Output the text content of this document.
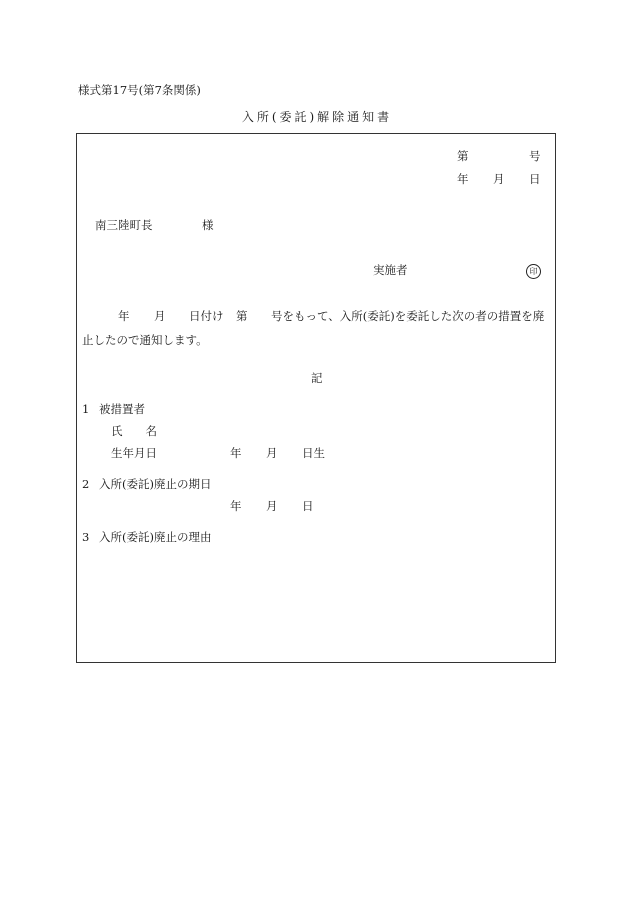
様式第17号(第7条関係)
入所(委託)解除通知書
第	号
年 月 日
南三陸町長	様
実施者	印
年 月 日付け 第 号をもって、入所(委託)を委託した次の者の措置を廃
止したので通知します。
記
1 被措置者
氏　　名
生年月日	年 月 日生
2 入所(委託)廃止の期日
年 月 日
3 入所(委託)廃止の理由
